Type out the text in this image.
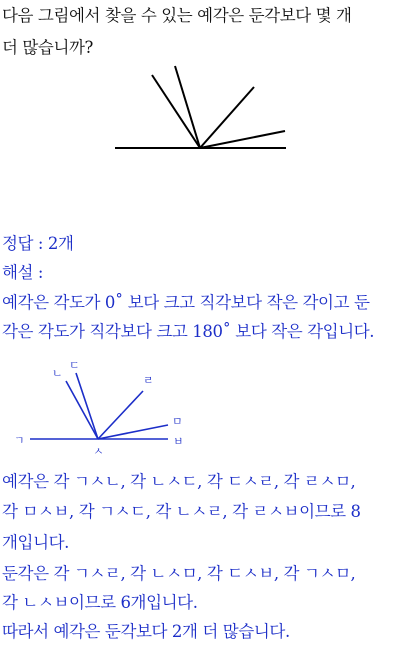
다음 그림에서 찾을 수 있는 예각은 둔각보다 몇 개
더 많습니까?
정답 : 2개
해설 :
예각은 각도가 0˚ 보다 크고 직각보다 작은 각이고 둔
각은 각도가 직각보다 크고 180˚ 보다 작은 각입니다.
ㄱ
ㄴ
ㄷ
ㄹ
ㅁ
ㅂ
ㅅ
예각은 각 ㄱㅅㄴ, 각 ㄴㅅㄷ, 각 ㄷㅅㄹ, 각 ㄹㅅㅁ,
각 ㅁㅅㅂ, 각 ㄱㅅㄷ, 각 ㄴㅅㄹ, 각 ㄹㅅㅂ이므로 8
개입니다.
둔각은 각 ㄱㅅㄹ, 각 ㄴㅅㅁ, 각 ㄷㅅㅂ, 각 ㄱㅅㅁ,
각 ㄴㅅㅂ이므로 6개입니다.
따라서 예각은 둔각보다 2개 더 많습니다.
